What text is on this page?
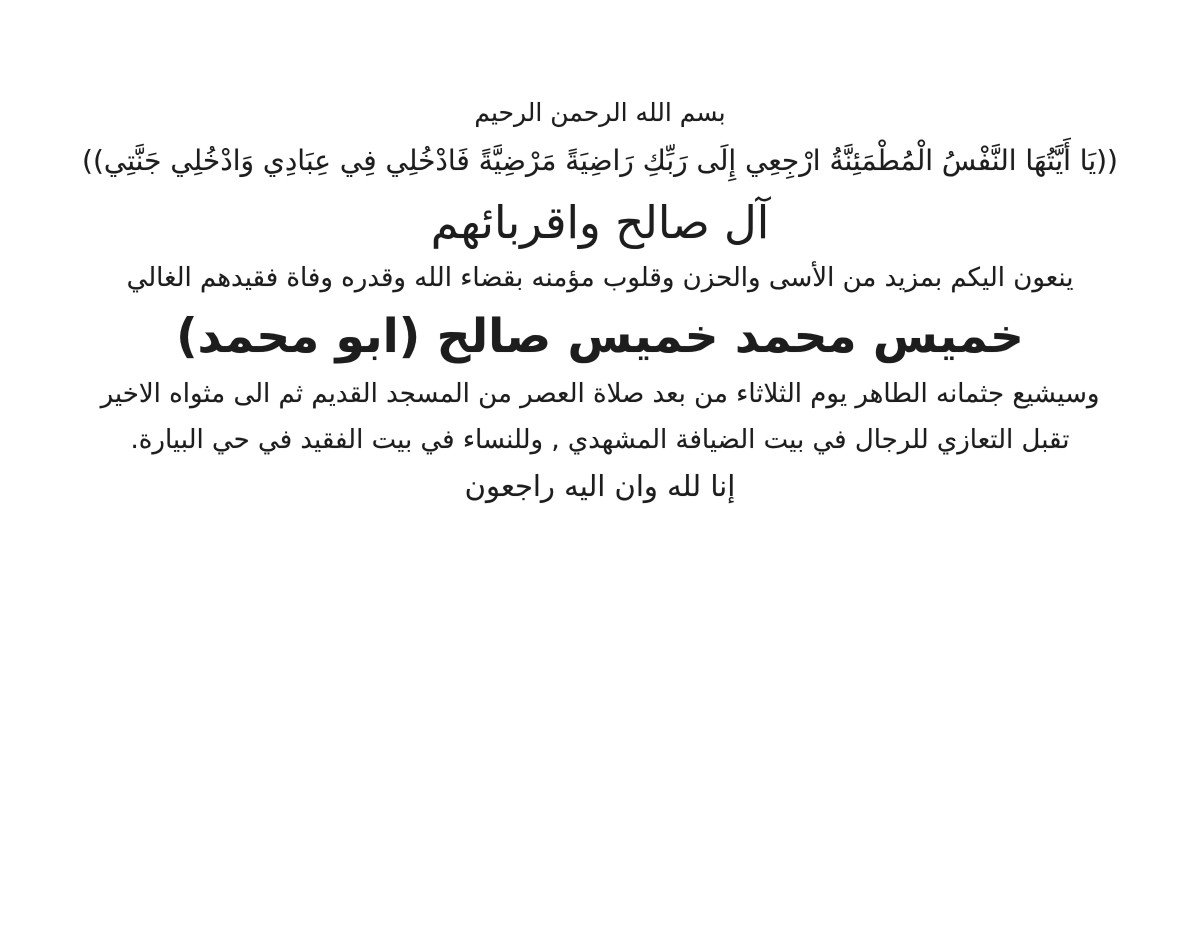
بسم الله الرحمن الرحيم

((يَا أَيَّتُهَا النَّفْسُ الْمُطْمَئِنَّةُ ارْجِعِي إِلَى رَبِّكِ رَاضِيَةً مَرْضِيَّةً فَادْخُلِي فِي عِبَادِي وَادْخُلِي جَنَّتِي))

آل صالح واقربائهم

ينعون اليكم بمزيد من الأسى والحزن وقلوب مؤمنه بقضاء الله وقدره وفاة فقيدهم الغالي

خميس محمد خميس صالح (ابو محمد)

وسيشيع جثمانه الطاهر يوم الثلاثاء من بعد صلاة العصر من المسجد القديم ثم الى مثواه الاخير

تقبل التعازي للرجال في بيت الضيافة المشهدي , وللنساء في بيت الفقيد في حي البيارة.

إنا لله وان اليه راجعون
